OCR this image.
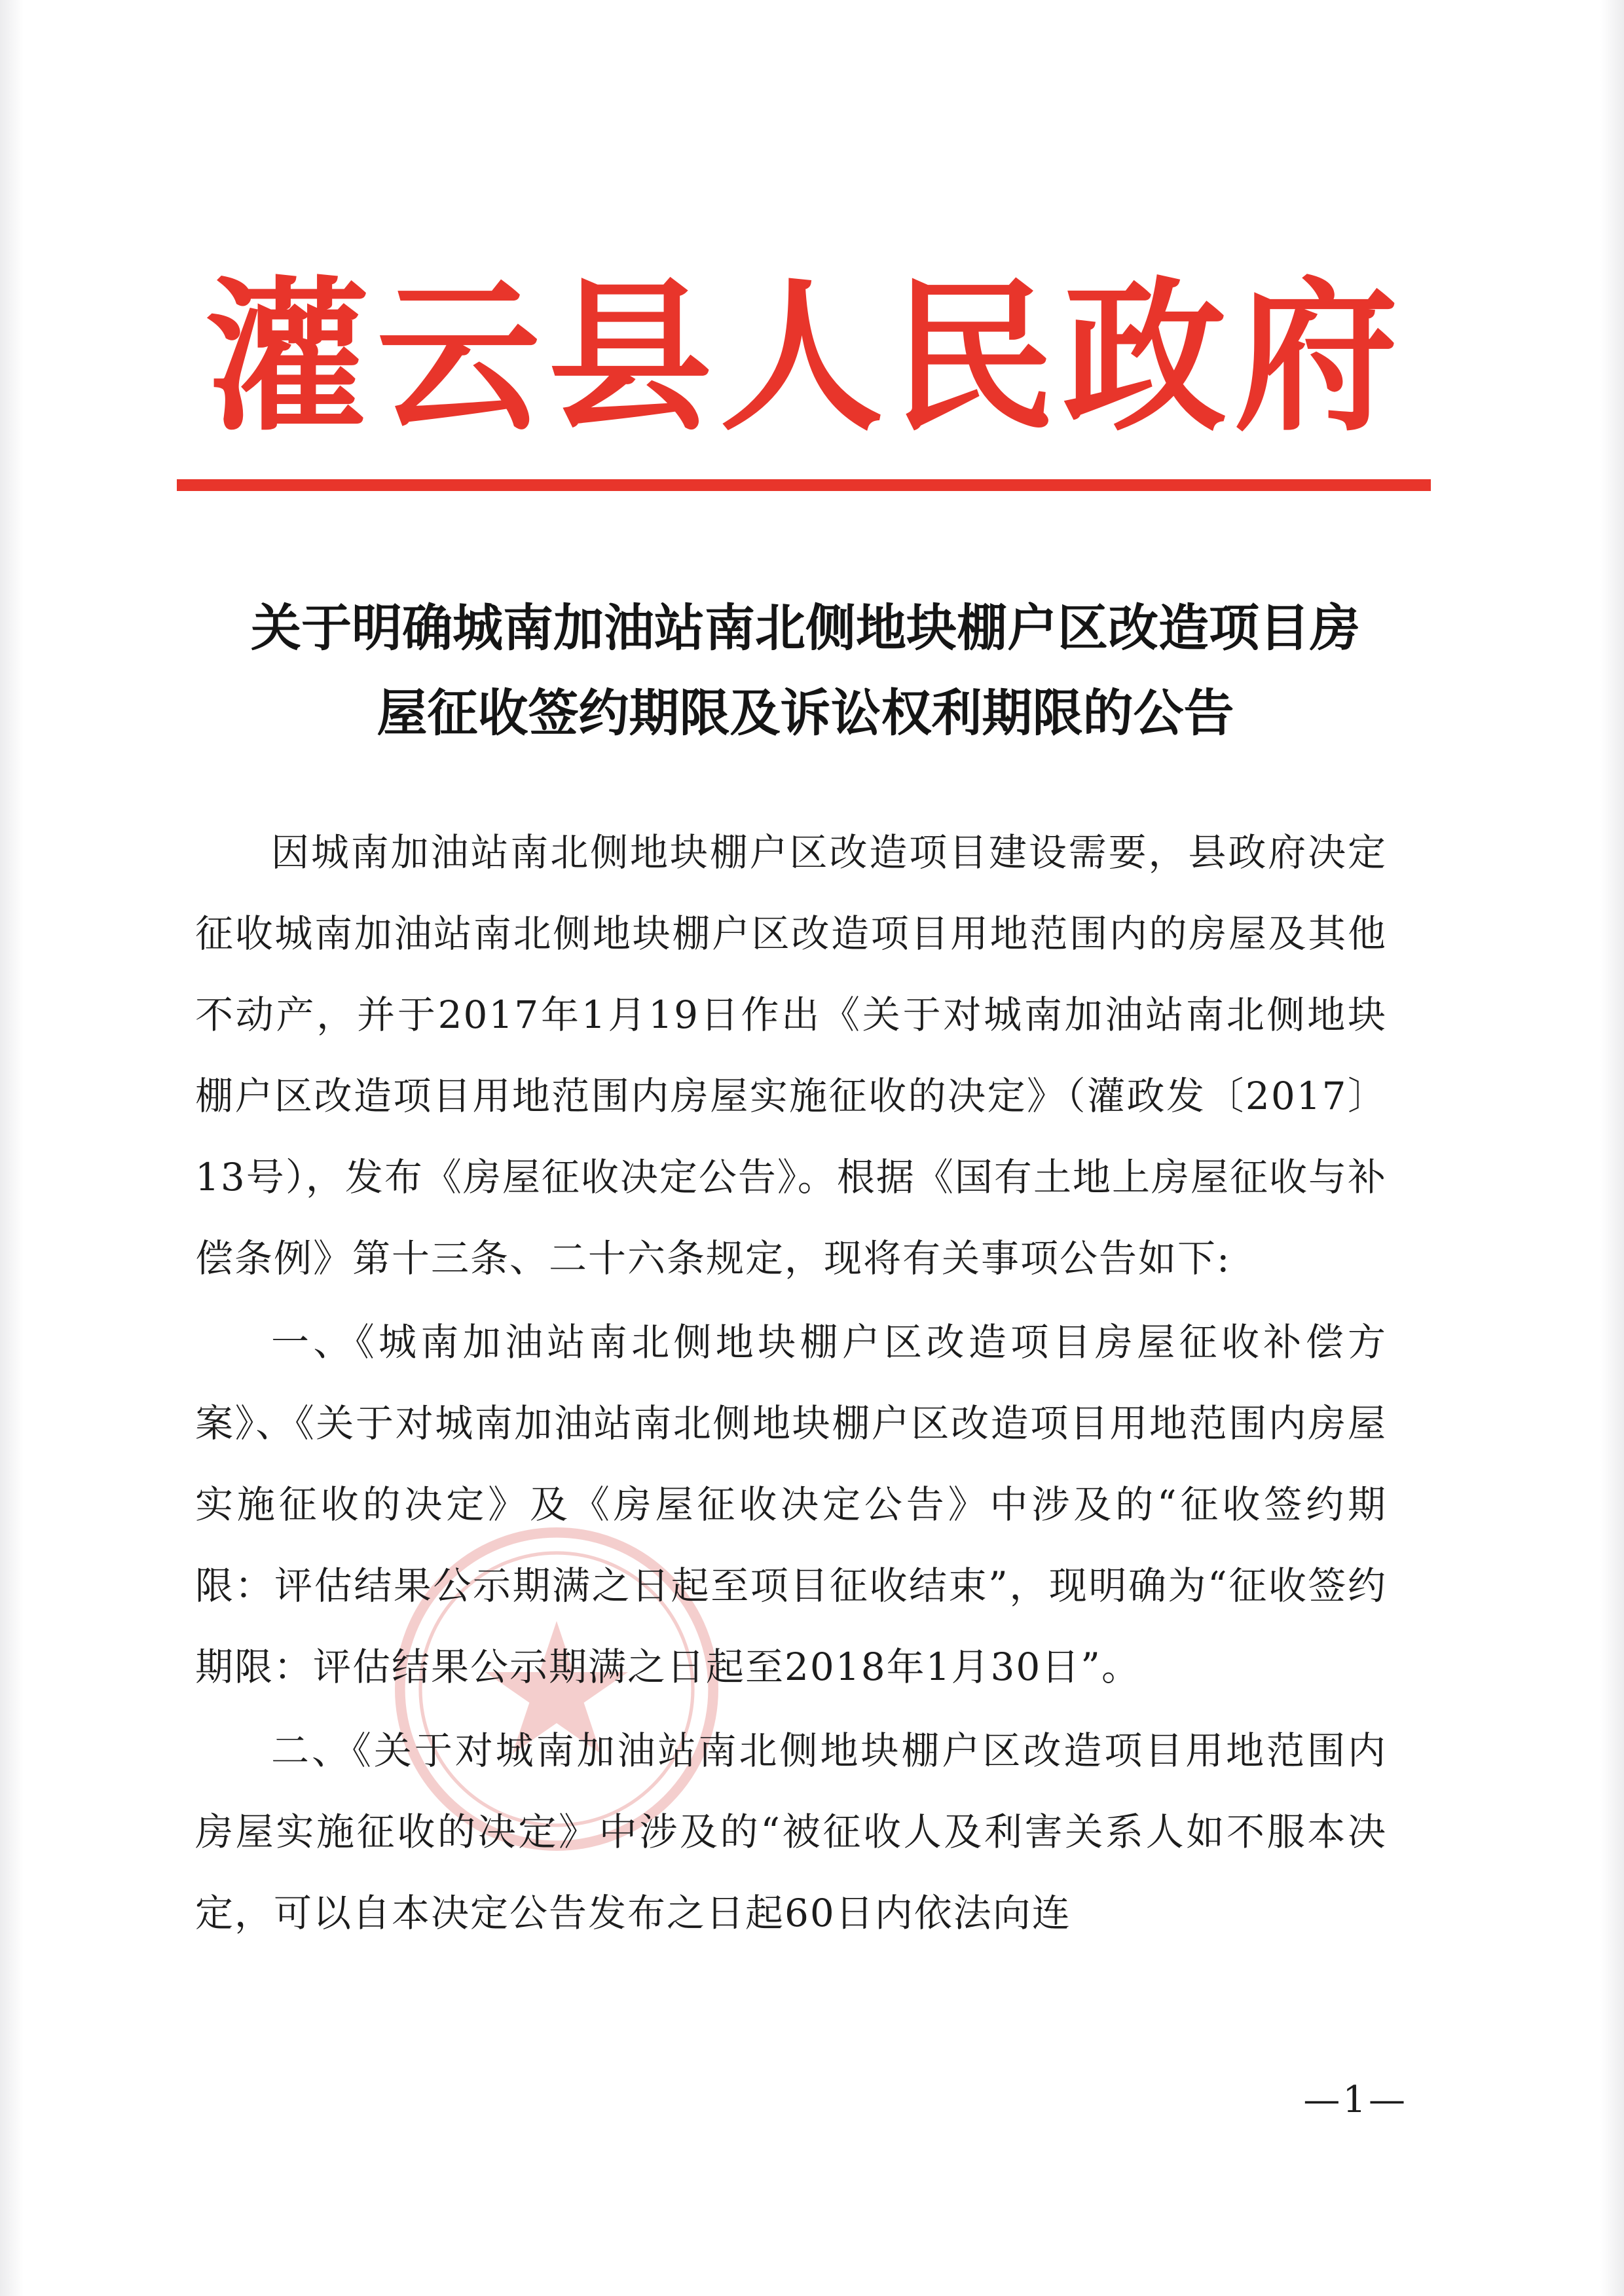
灌云县人民政府
关于明确城南加油站南北侧地块棚户区改造项目房
屋征收签约期限及诉讼权利期限的公告

因城南加油站南北侧地块棚户区改造项目建设需要，县政府决定征收城南加油站南北侧地块棚户区改造项目用地范围内的房屋及其他不动产，并于2017年1月19日作出《关于对城南加油站南北侧地块棚户区改造项目用地范围内房屋实施征收的决定》（灌政发〔2017〕13号），发布《房屋征收决定公告》。根据《国有土地上房屋征收与补偿条例》第十三条、二十六条规定，现将有关事项公告如下:

一、《城南加油站南北侧地块棚户区改造项目房屋征收补偿方案》、《关于对城南加油站南北侧地块棚户区改造项目用地范围内房屋实施征收的决定》及《房屋征收决定公告》中涉及的“征收签约期限：评估结果公示期满之日起至项目征收结束”，现明确为“征收签约期限：评估结果公示期满之日起至2018年1月30日”。

二、《关于对城南加油站南北侧地块棚户区改造项目用地范围内房屋实施征收的决定》中涉及的“被征收人及利害关系人如不服本决定，可以自本决定公告发布之日起60日内依法向连

—1—
